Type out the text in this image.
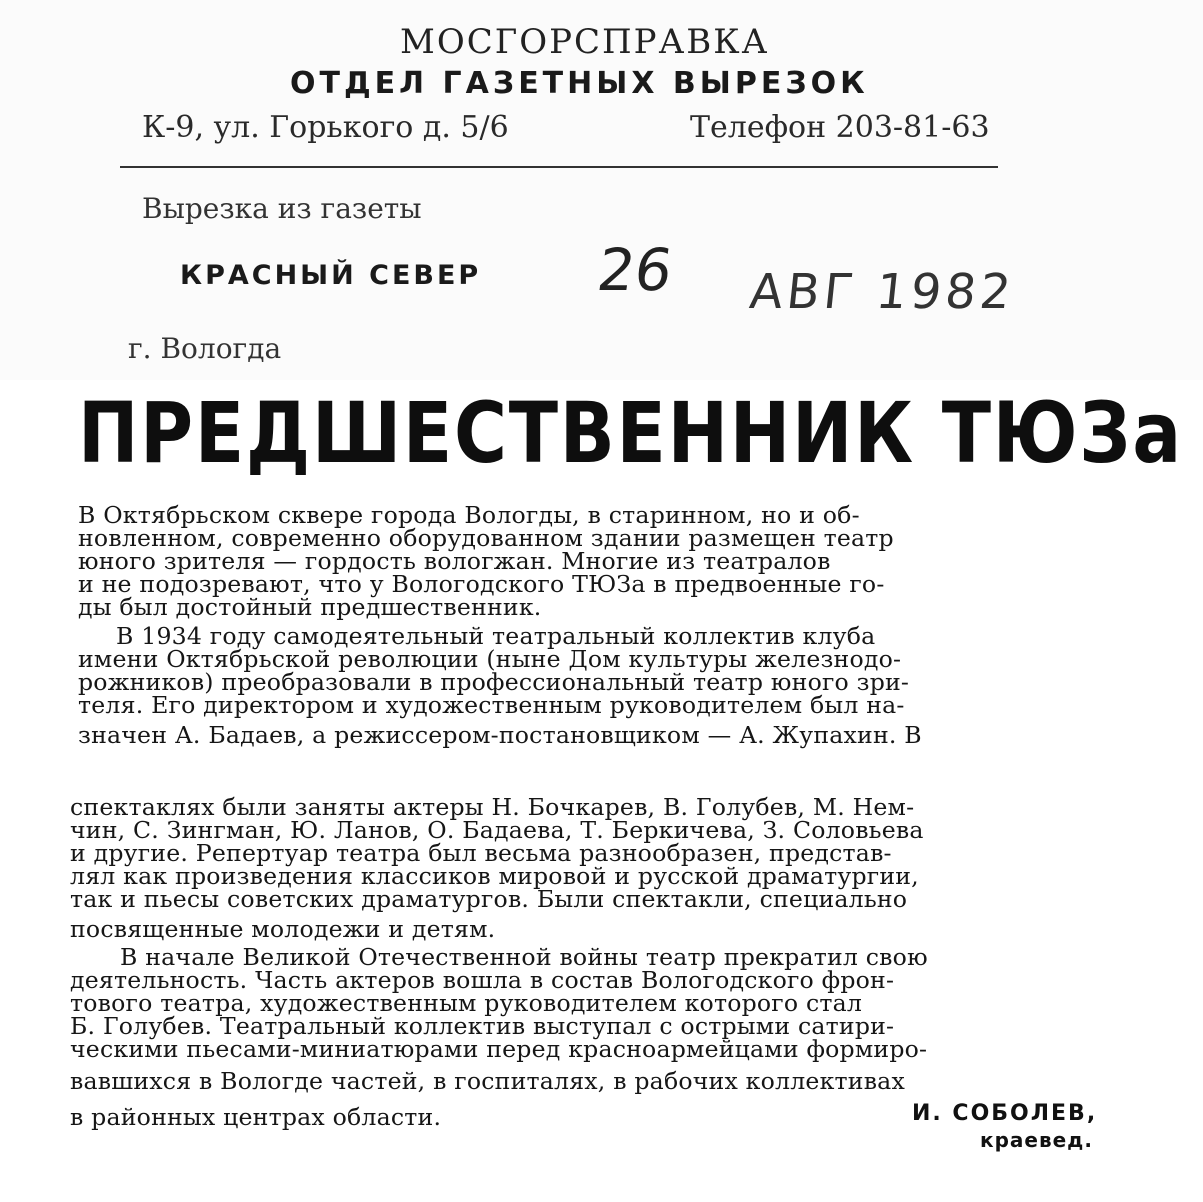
МОСГОРСПРАВКА
ОТДЕЛ ГАЗЕТНЫХ ВЫРЕЗОК
К-9, ул. Горького д. 5/6	Телефон 203-81-63
Вырезка из газеты
КРАСНЫЙ СЕВЕР 26 АВГ 1982
г. Вологда
ПРЕДШЕСТВЕННИК ТЮЗа
В Октябрьском сквере города Вологды, в старинном, но и об-
новленном, современно оборудованном здании размещен театр
юного зрителя — гордость вологжан. Многие из театралов
и не подозревают, что у Вологодского ТЮЗа в предвоенные го-
ды был достойный предшественник.
В 1934 году самодеятельный театральный коллектив клуба
имени Октябрьской революции (ныне Дом культуры железнодо-
рожников) преобразовали в профессиональный театр юного зри-
теля. Его директором и художественным руководителем был на-
значен А. Бадаев, а режиссером-постановщиком — А. Жупахин. В
спектаклях были заняты актеры Н. Бочкарев, В. Голубев, М. Нем-
чин, С. Зингман, Ю. Ланов, О. Бадаева, Т. Беркичева, З. Соловьева
и другие. Репертуар театра был весьма разнообразен, представ-
лял как произведения классиков мировой и русской драматургии,
так и пьесы советских драматургов. Были спектакли, специально
посвященные молодежи и детям.
В начале Великой Отечественной войны театр прекратил свою
деятельность. Часть актеров вошла в состав Вологодского фрон-
тового театра, художественным руководителем которого стал
Б. Голубев. Театральный коллектив выступал с острыми сатири-
ческими пьесами-миниатюрами перед красноармейцами формиро-
вавшихся в Вологде частей, в госпиталях, в рабочих коллективах
в районных центрах области.	И. СОБОЛЕВ,
краевед.
